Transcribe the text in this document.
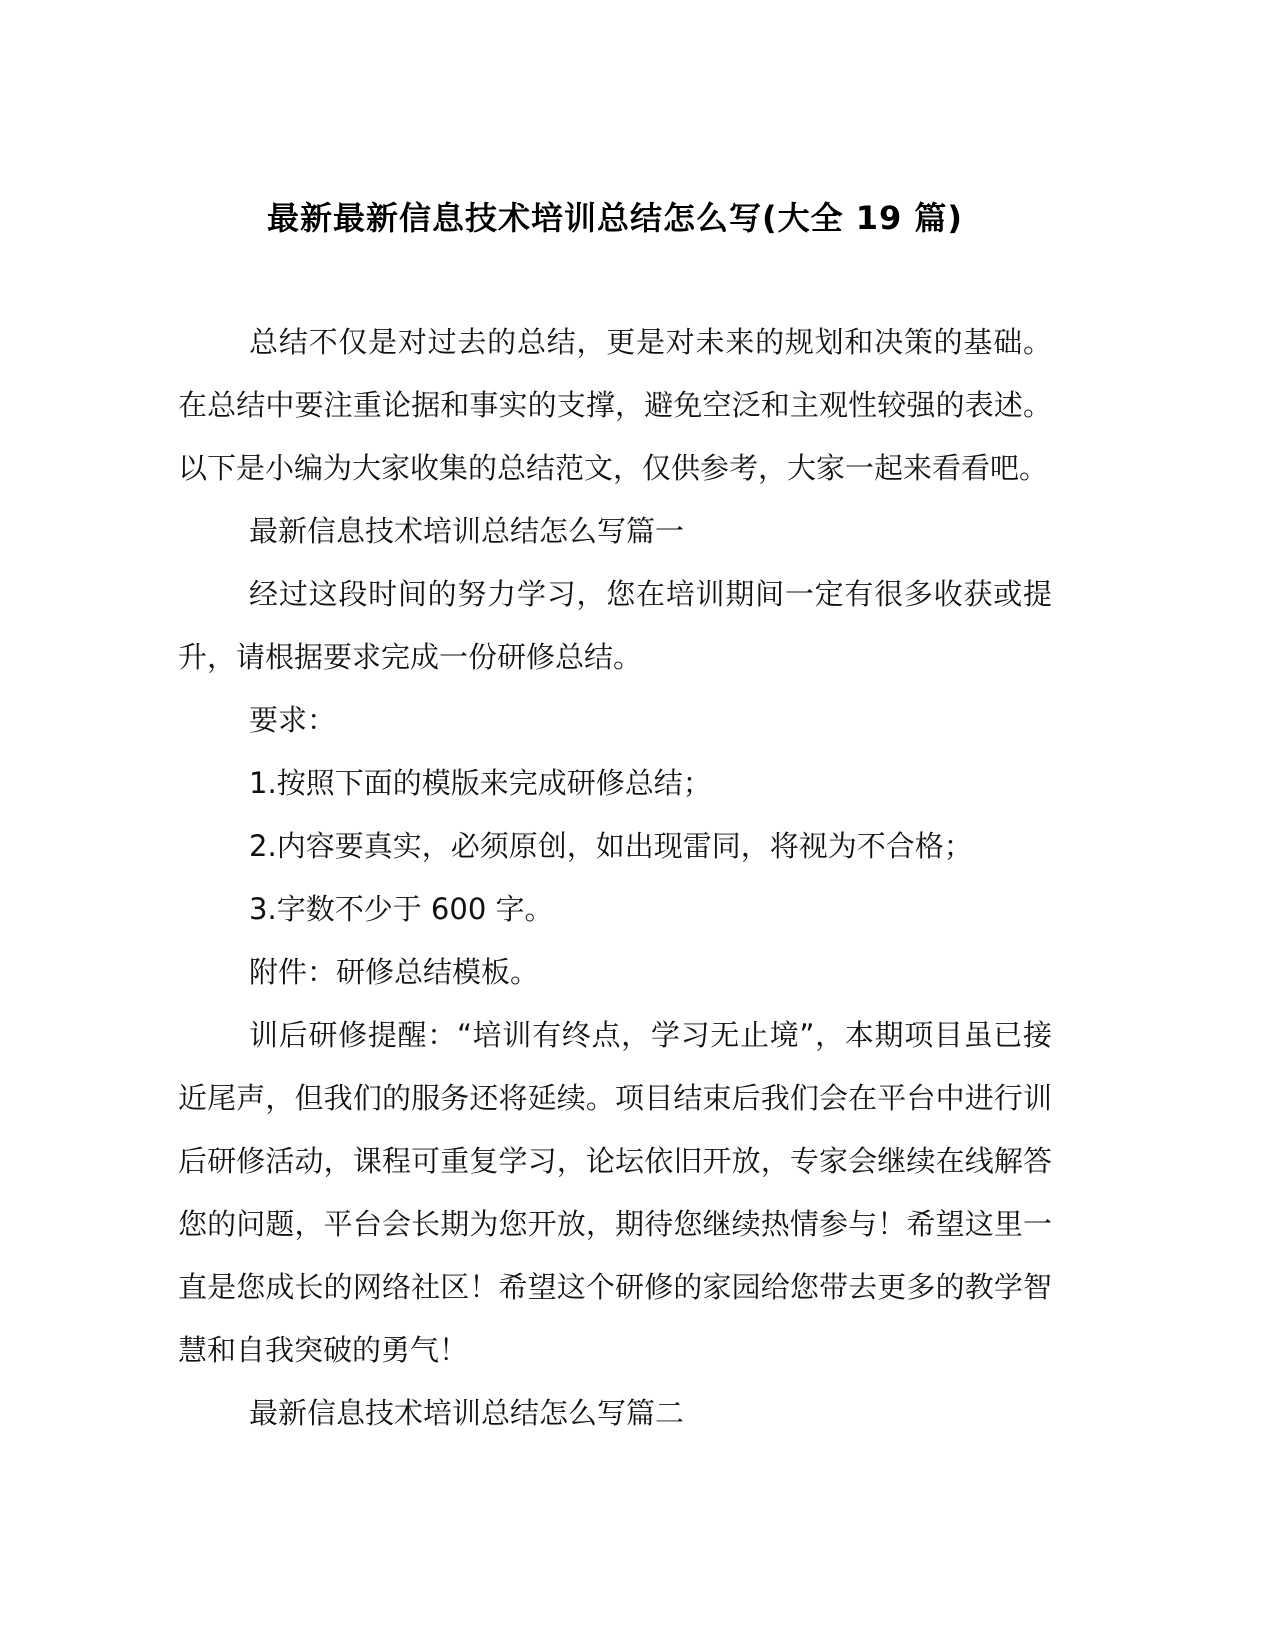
最新最新信息技术培训总结怎么写(大全 19 篇)

总结不仅是对过去的总结，更是对未来的规划和决策的基础。在总结中要注重论据和事实的支撑，避免空泛和主观性较强的表述。以下是小编为大家收集的总结范文，仅供参考，大家一起来看看吧。

最新信息技术培训总结怎么写篇一

经过这段时间的努力学习，您在培训期间一定有很多收获或提升，请根据要求完成一份研修总结。

要求：

1.按照下面的模版来完成研修总结；

2.内容要真实，必须原创，如出现雷同，将视为不合格；

3.字数不少于 600 字。

附件：研修总结模板。

训后研修提醒：“培训有终点，学习无止境”，本期项目虽已接近尾声，但我们的服务还将延续。项目结束后我们会在平台中进行训后研修活动，课程可重复学习，论坛依旧开放，专家会继续在线解答您的问题，平台会长期为您开放，期待您继续热情参与！希望这里一直是您成长的网络社区！希望这个研修的家园给您带去更多的教学智慧和自我突破的勇气！

最新信息技术培训总结怎么写篇二
